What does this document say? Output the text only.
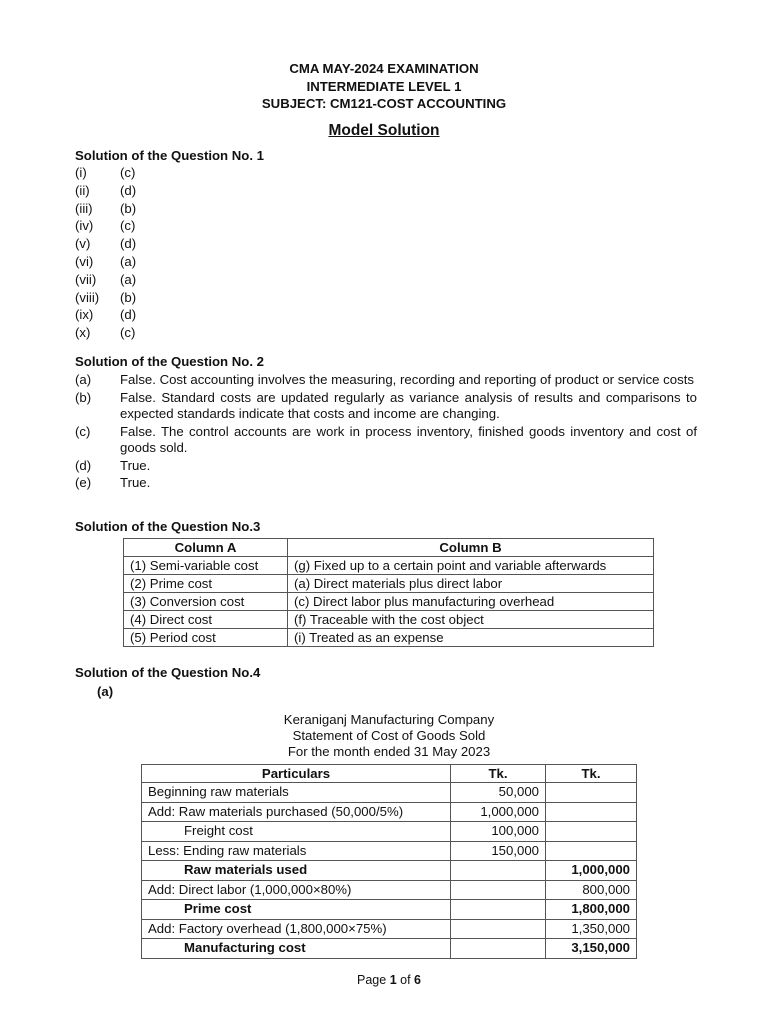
CMA MAY-2024 EXAMINATION
INTERMEDIATE LEVEL 1
SUBJECT: CM121-COST ACCOUNTING
Model Solution
Solution of the Question No. 1
(i)	(c)
(ii)	(d)
(iii)	(b)
(iv)	(c)
(v)	(d)
(vi)	(a)
(vii)	(a)
(viii)	(b)
(ix)	(d)
(x)	(c)
Solution of the Question No. 2
(a)	False. Cost accounting involves the measuring, recording and reporting of product or service costs
(b)	False. Standard costs are updated regularly as variance analysis of results and comparisons to expected standards indicate that costs and income are changing.
(c)	False. The control accounts are work in process inventory, finished goods inventory and cost of goods sold.
(d)	True.
(e)	True.
Solution of the Question No.3
Column A	Column B
(1) Semi-variable cost	(g) Fixed up to a certain point and variable afterwards
(2) Prime cost	(a) Direct materials plus direct labor
(3) Conversion cost	(c) Direct labor plus manufacturing overhead
(4) Direct cost	(f) Traceable with the cost object
(5) Period cost	(i) Treated as an expense
Solution of the Question No.4
(a)
Keraniganj Manufacturing Company
Statement of Cost of Goods Sold
For the month ended 31 May 2023
Particulars	Tk.	Tk.
Beginning raw materials	50,000	
Add: Raw materials purchased (50,000/5%)	1,000,000	
Freight cost	100,000	
Less: Ending raw materials	150,000	
Raw materials used		1,000,000
Add: Direct labor (1,000,000×80%)		800,000
Prime cost		1,800,000
Add: Factory overhead (1,800,000×75%)		1,350,000
Manufacturing cost		3,150,000
Page 1 of 6
